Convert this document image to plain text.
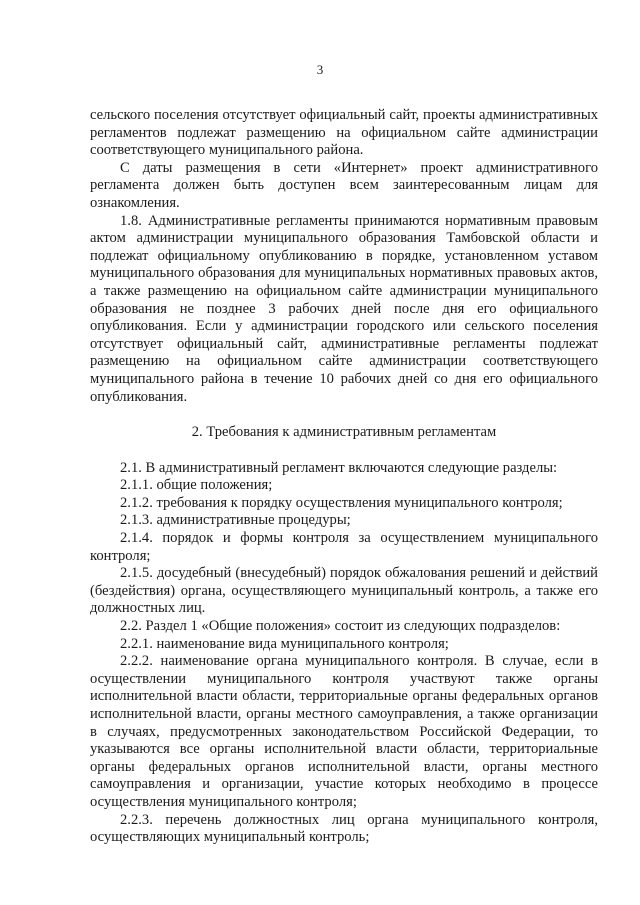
3

сельского поселения отсутствует официальный сайт, проекты административных регламентов подлежат размещению на официальном сайте администрации соответствующего муниципального района.

С даты размещения в сети «Интернет» проект административного регламента должен быть доступен всем заинтересованным лицам для ознакомления.

1.8. Административные регламенты принимаются нормативным правовым актом администрации муниципального образования Тамбовской области и подлежат официальному опубликованию в порядке, установленном уставом муниципального образования для муниципальных нормативных правовых актов, а также размещению на официальном сайте администрации муниципального образования не позднее 3 рабочих дней после дня его официального опубликования. Если у администрации городского или сельского поселения отсутствует официальный сайт, административные регламенты подлежат размещению на официальном сайте администрации соответствующего муниципального района в течение 10 рабочих дней со дня его официального опубликования.

2. Требования к административным регламентам

2.1. В административный регламент включаются следующие разделы:

2.1.1. общие положения;

2.1.2. требования к порядку осуществления муниципального контроля;

2.1.3. административные процедуры;

2.1.4. порядок и формы контроля за осуществлением муниципального контроля;

2.1.5. досудебный (внесудебный) порядок обжалования решений и действий (бездействия) органа, осуществляющего муниципальный контроль, а также его должностных лиц.

2.2. Раздел 1 «Общие положения» состоит из следующих подразделов:

2.2.1. наименование вида муниципального контроля;

2.2.2. наименование органа муниципального контроля. В случае, если в осуществлении муниципального контроля участвуют также органы исполнительной власти области, территориальные органы федеральных органов исполнительной власти, органы местного самоуправления, а также организации в случаях, предусмотренных законодательством Российской Федерации, то указываются все органы исполнительной власти области, территориальные органы федеральных органов исполнительной власти, органы местного самоуправления и организации, участие которых необходимо в процессе осуществления муниципального контроля;

2.2.3. перечень должностных лиц органа муниципального контроля, осуществляющих муниципальный контроль;
